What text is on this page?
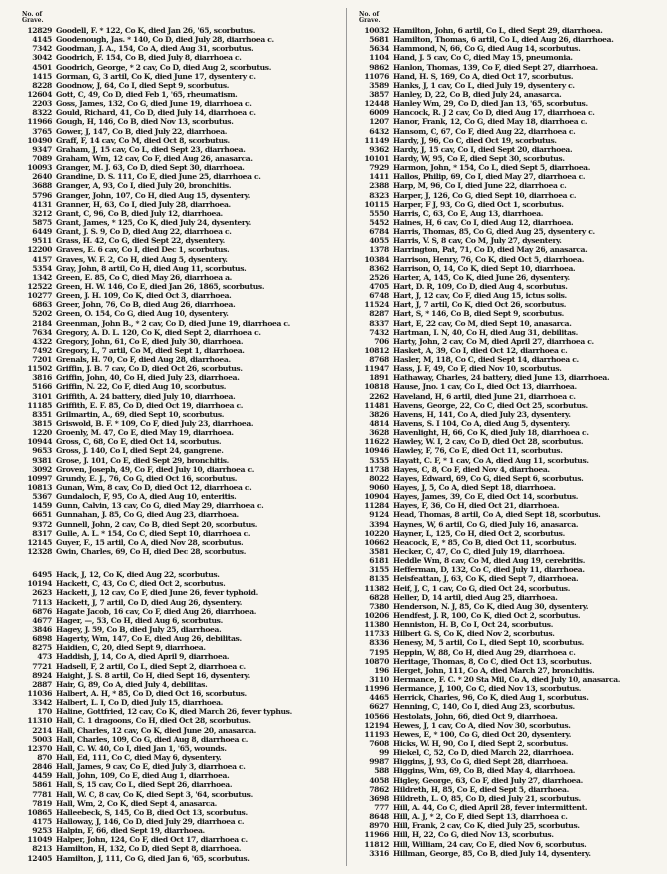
No. of
Grave.
12829 Goodell, F. * 122, Co K, died Jan 26, '65, scorbutus.
4145 Goodenough, Jas. * 140, Co D, died July 28, diarrhoea c.
7342 Goodman, J. A., 154, Co A, died Aug 31, scorbutus.
3042 Goodrich, F. 154, Co B, died July 8, diarrhoea c.
4501 Goodrich, George, * 2 cav, Co D, died Aug 2, scorbutus.
1415 Gorman, G, 3 artil, Co K, died June 17, dysentery c.
8228 Goodnow, J, 64, Co I, died Sept 9, scorbutus.
12604 Gott, C, 49, Co D, died Feb 1, '65, rheumatism.
2203 Goss, James, 132, Co G, died June 19, diarrhoea c.
8322 Gould, Richard, 41, Co D, died July 14, diarrhoea c.
11966 Gough, H, 146, Co B, died Nov 13, scorbutus.
3765 Gower, J, 147, Co B, died July 22, diarrhoea.
10490 Graff, F, 14 cav, Co M, died Oct 8, scorbutus.
9347 Graham, J, 15 cav, Co L, died Sept 23, diarrhoea.
7089 Graham, Wm, 12 cav, Co F, died Aug 26, anasarca.
10093 Granger, M. J. 63, Co D, died Sept 30, diarrhoea.
2640 Grandine, D. S. 111, Co E, died June 25, diarrhoea c.
3688 Granger, A, 93, Co I, died July 20, bronchitis.
5796 Granger, John, 107, Co H, died Aug 15, dysentery.
4131 Granner, H, 63, Co I, died July 28, diarrhoea.
3212 Grant, C, 96, Co B, died July 12, diarrhoea.
5875 Grant, James, * 125, Co K, died July 24, dysentery.
6449 Grant, J. S. 9, Co D, died Aug 22, diarrhoea c.
9511 Grass, H. 42, Co G, died Sept 22, dysentery.
12200 Graves, E. 6 cav, Co I, died Dec 1, scorbutus.
4157 Graves, W. F. 2, Co H, died Aug 5, dysentery.
5354 Gray, John, 8 artil, Co H, died Aug 11, scorbutus.
1342 Green, E. 85, Co C, died May 26, diarrhoea a.
12522 Green, H. W. 146, Co E, died Jan 26, 1865, scorbutus.
10277 Green, J. H. 109, Co K, died Oct 3, diarrhoea.
6863 Greer, John, 76, Co B, died Aug 26, diarrhoea.
5202 Green, O. 154, Co G, died Aug 10, dysentery.
2184 Greenman, John B., * 2 cav, Co D, died June 19, diarrhoea c.
7634 Gregory, A. D. L. 120, Co K, died Sept 2, diarrhoea c.
4322 Gregory, John, 61, Co E, died July 30, diarrhoea.
7492 Gregory, I., 7 artil, Co M, died Sept 1, diarrhoea.
7201 Grenals, H. 70, Co F, died Aug 28, diarrhoea.
11502 Griffin, J. B. 7 cav, Co D, died Oct 26, scorbutus.
3816 Griffin, John, 40, Co H, died July 23, diarrhoea.
5166 Griffin, N. 22, Co F, died Aug 10, scorbutus.
3101 Griffith, A. 24 battery, died July 10, diarrhoea.
11185 Griffith, E. F. 85, Co D, died Oct 19, diarrhoea c.
8351 Grilmartin, A., 69, died Sept 10, scorbutus.
3815 Griswold, B. F. * 109, Co F, died July 23, diarrhoea.
1220 Groenly, M. 47, Co E, died May 19, diarrhoea.
10944 Gross, C, 68, Co E, died Oct 14, scorbutus.
9653 Gross, J. 140, Co I, died Sept 24, gangrene.
9381 Grose, J. 101, Co E, died Sept 29, bronchitis.
3092 Groven, Joseph, 49, Co F, died July 10, diarrhoea c.
10997 Grundy, E. J., 76, Co G, died Oct 16, scorbutus.
10813 Gunan, Wm, 8 cav, Co D, died Oct 12, diarrhoea c.
5367 Gundaloch, F, 95, Co A, died Aug 10, enteritis.
1459 Gunn, Calvin, 13 cav, Co G, died May 29, diarrhoea c.
6651 Gunnahan, J. 85, Co G, died Aug 23, diarrhoea.
9372 Gunnell, John, 2 cav, Co B, died Sept 20, scorbutus.
8317 Gulle, A. L. * 154, Co C, died Sept 10, diarrhoea c.
12145 Guyer, F., 15 artil, Co A, died Nov 28, scorbutus.
12328 Gwin, Charles, 69, Co H, died Dec 28, scorbutus.
6495 Hack, J, 12, Co K, died Aug 22, scorbutus.
10194 Hackett, C, 43, Co C, died Oct 2, scorbutus.
2623 Hackett, J, 12 cav, Co F, died June 26, fever typhoid.
7113 Hackett, J, 7 artil, Co D, died Aug 26, dysentery.
6876 Hagate Jacob, 16 cav, Co F, died Aug 26, diarrhoea.
4677 Hager, —, 53, Co H, died Aug 6, scorbutus.
3846 Hagey, J. 59, Co B, died July 25, diarrhoea.
6898 Hagerty, Wm, 147, Co E, died Aug 26, debilitas.
8275 Haidien, C, 20, died Sept 9, diarrhoea.
473 Haddish, J, 14, Co A, died April 9, diarrhoea.
7721 Hadsell, F, 2 artil, Co L, died Sept 2, diarrhoea c.
8924 Haight, J. S. 8 artil, Co H, died Sept 16, dysentery.
2887 Hair, G, 89, Co A, died July 4, debilitas.
11036 Halbert, A. H, * 85, Co D, died Oct 16, scorbutus.
3342 Halbert, L. I, Co D, died July 15, diarrhoea.
170 Haline, Gottfried, 12 cav, Co K, died March 26, fever typhus.
11310 Hall, C. 1 dragoons, Co H, died Oct 28, scorbutus.
2214 Hall, Charles, 12 cav, Co K, died June 20, anasarca.
5003 Hall, Charles, 109, Co G, died Aug 8, diarrhoea c.
12370 Hall, C. W. 40, Co I, died Jan 1, '65, wounds.
870 Hall, Ed, 111, Co C, died May 6, dysentery.
2846 Hall, James, 9 cav, Co E, died July 3, diarrhoea c.
4459 Hall, John, 109, Co E, died Aug 1, diarrhoea.
5861 Hall, S, 15 cav, Co L, died Sept 26, diarrhoea.
7781 Hall, W. C, 8 cav, Co K, died Sept 3, '64, scorbutus.
7819 Hall, Wm, 2, Co K, died Sept 4, anasarca.
10865 Halleebeck, S, 145, Co B, died Oct 13, scorbutus.
4175 Halloway, J, 146, Co D, died July 29, diarrhoea c.
9253 Halpin, F, 66, died Sept 19, diarrhoea.
11049 Halper, John, 124, Co F, died Oct 17, diarrhoea c.
8213 Hamilton, H, 132, Co D, died Sept 8, diarrhoea.
12405 Hamilton, J, 111, Co G, died Jan 6, '65, scorbutus.
No. of
Grave.
10032 Hamilton, John, 6 artil, Co L, died Sept 29, diarrhoea.
5681 Hamilton, Thomas, 6 artil, Co L, died Aug 26, diarrhoea.
5634 Hammond, N, 66, Co G, died Aug 14, scorbutus.
1104 Hand, J. 5 cav, Co C, died May 15, pneumonia.
9862 Hanlon, Thomas, 139, Co F, died Sept 27, diarrhoea.
11076 Hand, H. S, 169, Co A, died Oct 17, scorbutus.
3589 Hanks, J, 1 cav, Co L, died July 19, dysentery c.
3857 Hanley, D, 22, Co B, died July 24, anasarca.
12448 Hanley Wm, 29, Co D, died Jan 13, '65, scorbutus.
6009 Hancock, R. J 2 cav, Co D, died Aug 17, diarrhoea c.
1207 Hanor, Frank, 12, Co G, died May 18, diarrhoea c.
6432 Hansom, C, 67, Co F, died Aug 22, diarrhoea c.
11149 Hardy, J, 96, Co C, died Oct 19, scorbutus.
9362 Hardy, J, 15 cav, Co I, died Sept 20, diarrhoea.
10101 Hardy, W, 95, Co E, died Sept 30, scorbutus.
7929 Harmon, John, * 154, Co L, died Sept 5, diarrhoea.
1411 Hallos, Philip, 69, Co I, died May 27, diarrhoea c.
2388 Harp, M, 96, Co I, died June 22, diarrhoea c.
8323 Harper, J, 126, Co G, died Sept 10, diarrhoea c.
10115 Harper, F J, 93, Co G, died Oct 1, scorbutus.
5550 Harris, C, 63, Co E, Aug 13, diarrhoea.
5452 Haines, H, 6 cav, Co I, died Aug 12, diarrhoea.
6784 Harris, Thomas, 85, Co G, died Aug 25, dysentery c.
4055 Harris, V. S, 8 cav, Co M, July 27, dysentery.
1378 Harrington, Pat, 71, Co D, died May 26, anasarca.
10384 Harrison, Henry, 76, Co K, died Oct 5, diarrhoea.
8362 Harrison, O, 14, Co K, died Sept 10, diarrhoea.
2526 Harter, A, 145, Co K, died June 26, dysentery.
4705 Hart, D. R, 109, Co D, died Aug 4, scorbutus.
6748 Hart, J, 12 cav, Co F, died Aug 15, ictus solis.
11524 Hart, J, 7 artil, Co K, died Oct 26, scorbutus.
8287 Hart, S, * 146, Co B, died Sept 9, scorbutus.
8337 Hart, E, 22 cav, Co M, died Sept 10, anasarca.
7432 Hartman, I. N, 40, Co H, died Aug 31, debilitas.
706 Harty, John, 2 cav, Co M, died April 27, diarrhoea c.
10812 Hasket, A, 39, Co I, died Oct 12, diarrhoea c.
8768 Hasler, M, 118, Co C, died Sept 14, diarrhoea c.
11947 Hass, J. F, 49, Co F, died Nov 10, scorbutus.
1891 Hathaway, Charles, 24 battery, died June 13, diarrhoea.
10818 Hause, Jno. 1 cav, Co L, died Oct 13, diarrhoea.
2262 Haveland, H, 6 artil, died June 21, diarrhoea c.
11481 Havens, George, 22, Co C, died Oct 25, scorbutus.
3826 Havens, H, 141, Co A, died July 23, dysentery.
4814 Havens, S. I 104, Co A, died Aug 5, dysentery.
3628 Havenlight, H, 66, Co K, died July 18, diarrhoea c.
11622 Hawley, W. I, 2 cav, Co D, died Oct 28, scorbutus.
10946 Hawley, F, 76, Co E, died Oct 11, scorbutus.
5355 Hayatt, C. F, * 1 cav, Co A, died Aug 11, scorbutus.
11738 Hayes, C, 8, Co F, died Nov 4, diarrhoea.
8022 Hayes, Edward, 69, Co G, died Sept 6, scorbutus.
9060 Hayes, J, 5, Co A, died Sept 18, diarrhoea.
10904 Hayes, James, 39, Co E, died Oct 14, scorbutus.
11284 Hayes, F, 36, Co H, died Oct 21, diarrhoea.
9124 Head, Thomas, 8 artil, Co A, died Sept 18, scorbutus.
3394 Haynes, W, 6 artil, Co G, died July 16, anasarca.
10220 Hayner, L, 125, Co H, died Oct 2, scorbutus.
10662 Heacock, E, * 85, Co B, died Oct 11, scorbutus.
3581 Hecker, C, 47, Co C, died July 19, diarrhoea.
6181 Heddle Wm, 8 cav, Co M, died Aug 19, cerebritis.
3155 Hefferman, D, 132, Co C, died July 11, diarrhoea.
8135 Heisfeattan, J, 63, Co K, died Sept 7, diarrhoea.
11382 Heif, J, C, 1 cav, Co G, died Oct 24, scorbutus.
6828 Heller, D, 14 artil, died Aug 25, diarrhoea.
7380 Henderson, N. J, 85, Co K, died Aug 30, dysentery.
10206 Hendfest, J. R, 100, Co K, died Oct 2, scorbutus.
11380 Henniston, H. B, Co I, Oct 24, scorbutus.
11733 Hilbert G. S, Co K, died Nov 2, scorbutus.
8336 Henesy, M, 5 artil, Co L, died Sept 10, scorbutus.
7195 Heppin, W, 88, Co H, died Aug 29, diarrhoea c.
10870 Heritage, Thomas, 8, Co C, died Oct 13, scorbutus.
196 Herget, John, 111, Co A, died March 27, bronchitis.
3110 Hermance, F. C. * 20 Sta Mil, Co A, died July 10, anasarca.
11996 Hermance, J, 100, Co C, died Nov 13, scorbutus.
4465 Herrick, Charles, 96, Co K, died Aug 1, scorbutus.
6627 Henning, C, 140, Co I, died Aug 23, scorbutus.
10566 Hestolats, John, 66, died Oct 9, diarrhoea.
12194 Hewes, J, 1 cav, Co A, died Nov 30, scorbutus.
11193 Hewes, E, * 100, Co G, died Oct 20, dysentery.
7608 Hicks, W. H, 90, Co I, died Sept 2, scorbutus.
99 Hiekel, C, 52, Co D, died March 22, diarrhoea.
9987 Higgins, J, 93, Co G, died Sept 28, diarrhoea.
588 Higgins, Wm, 69, Co B, died May 4, diarrhoea.
4058 Higley, George, 63, Co F, died July 27, diarrhoea.
7862 Hildreth, H, 85, Co E, died Sept 5, diarrhoea.
3698 Hildreth, L. O, 85, Co D, died July 21, scorbutus.
777 Hill, A. 44, Co C, died April 28, fever intermittent.
8648 Hill, A. J, * 2, Co F, died Sept 13, diarrhoea c.
8970 Hill, Frank, 2 cav, Co K, died July 25, scorbutus.
11966 Hill, H, 22, Co G, died Nov 13, scorbutus.
11812 Hill, William, 24 cav, Co E, died Nov 6, scorbutus.
3316 Hillman, George, 85, Co B, died July 14, dysentery.
